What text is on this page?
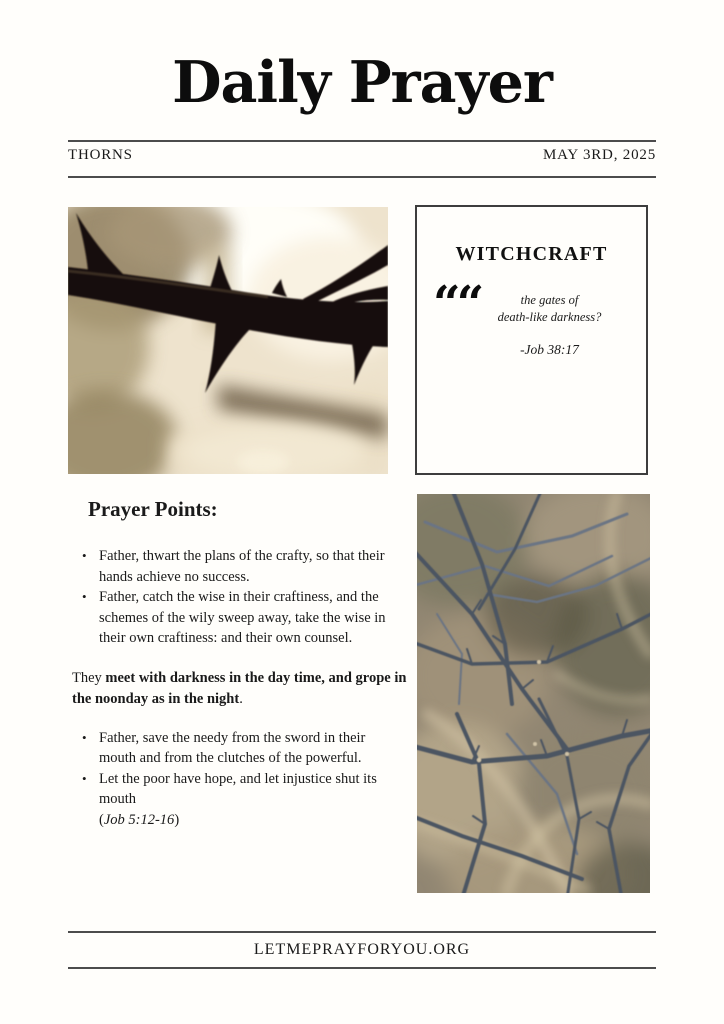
Daily Prayer
THORNS	MAY 3RD, 2025
WITCHCRAFT
““	the gates of
death-like darkness?
-Job 38:17
Prayer Points:
• Father, thwart the plans of the crafty, so that their hands achieve no success.
• Father, catch the wise in their craftiness, and the schemes of the wily sweep away, take the wise in their own craftiness: and their own counsel.

They meet with darkness in the day time, and grope in the noonday as in the night.

• Father, save the needy from the sword in their mouth and from the clutches of the powerful.
• Let the poor have hope, and let injustice shut its mouth
(Job 5:12-16)
LETMEPRAYFORYOU.ORG
